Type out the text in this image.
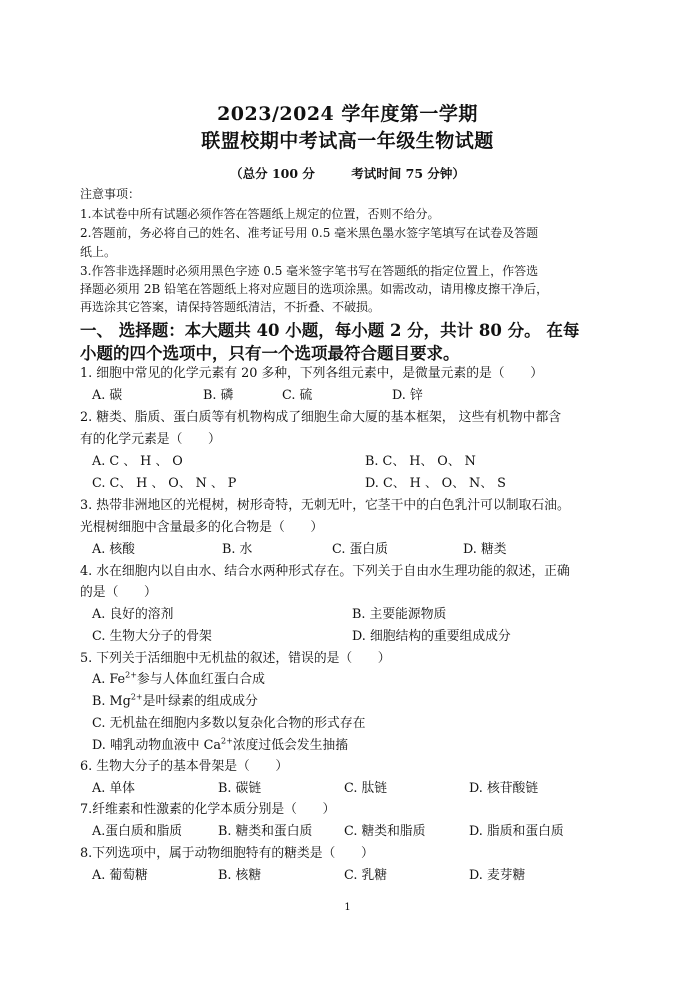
2023/2024 学年度第一学期
联盟校期中考试高一年级生物试题
（总分 100 分	考试时间 75 分钟）
注意事项：
1.本试卷中所有试题必须作答在答题纸上规定的位置，否则不给分。
2.答题前，务必将自己的姓名、准考证号用 0.5 毫米黑色墨水签字笔填写在试卷及答题
纸上。
3.作答非选择题时必须用黑色字迹 0.5 毫米签字笔书写在答题纸的指定位置上，作答选
择题必须用 2B 铅笔在答题纸上将对应题目的选项涂黑。如需改动，请用橡皮擦干净后，
再选涂其它答案，请保持答题纸清洁，不折叠、不破损。
一、 选择题：本大题共 40 小题，每小题 2 分，共计 80 分。 在每
小题的四个选项中，只有一个选项最符合题目要求。
1. 细胞中常见的化学元素有 20 多种，下列各组元素中，是微量元素的是（　　）
A. 碳	B. 磷	C. 硫	D. 锌
2. 糖类、脂质、蛋白质等有机物构成了细胞生命大厦的基本框架， 这些有机物中都含
有的化学元素是（　　）
A. C 、 H 、 O	B. C、 H、 O、 N
C. C、 H 、 O、 N 、 P	D. C、 H 、 O、 N、 S
3. 热带非洲地区的光棍树，树形奇特，无刺无叶，它茎干中的白色乳汁可以制取石油。
光棍树细胞中含量最多的化合物是（　　）
A. 核酸	B. 水	C. 蛋白质	D. 糖类
4. 水在细胞内以自由水、结合水两种形式存在。下列关于自由水生理功能的叙述，正确
的是（　　）
A. 良好的溶剂	B. 主要能源物质
C. 生物大分子的骨架	D. 细胞结构的重要组成成分
5. 下列关于活细胞中无机盐的叙述，错误的是（　　）
A. $Fe^{2+}$参与人体血红蛋白合成
B. $Mg^{2+}$是叶绿素的组成成分
C. 无机盐在细胞内多数以复杂化合物的形式存在
D. 哺乳动物血液中 $Ca^{2+}$浓度过低会发生抽搐
6. 生物大分子的基本骨架是（　　）
A. 单体	B. 碳链	C. 肽链	D. 核苷酸链
7.纤维素和性激素的化学本质分别是（　　）
A.蛋白质和脂质	B. 糖类和蛋白质 C. 糖类和脂质	D. 脂质和蛋白质
8.下列选项中，属于动物细胞特有的糖类是（　　）
A. 葡萄糖	B. 核糖	C. 乳糖	D. 麦芽糖
1
